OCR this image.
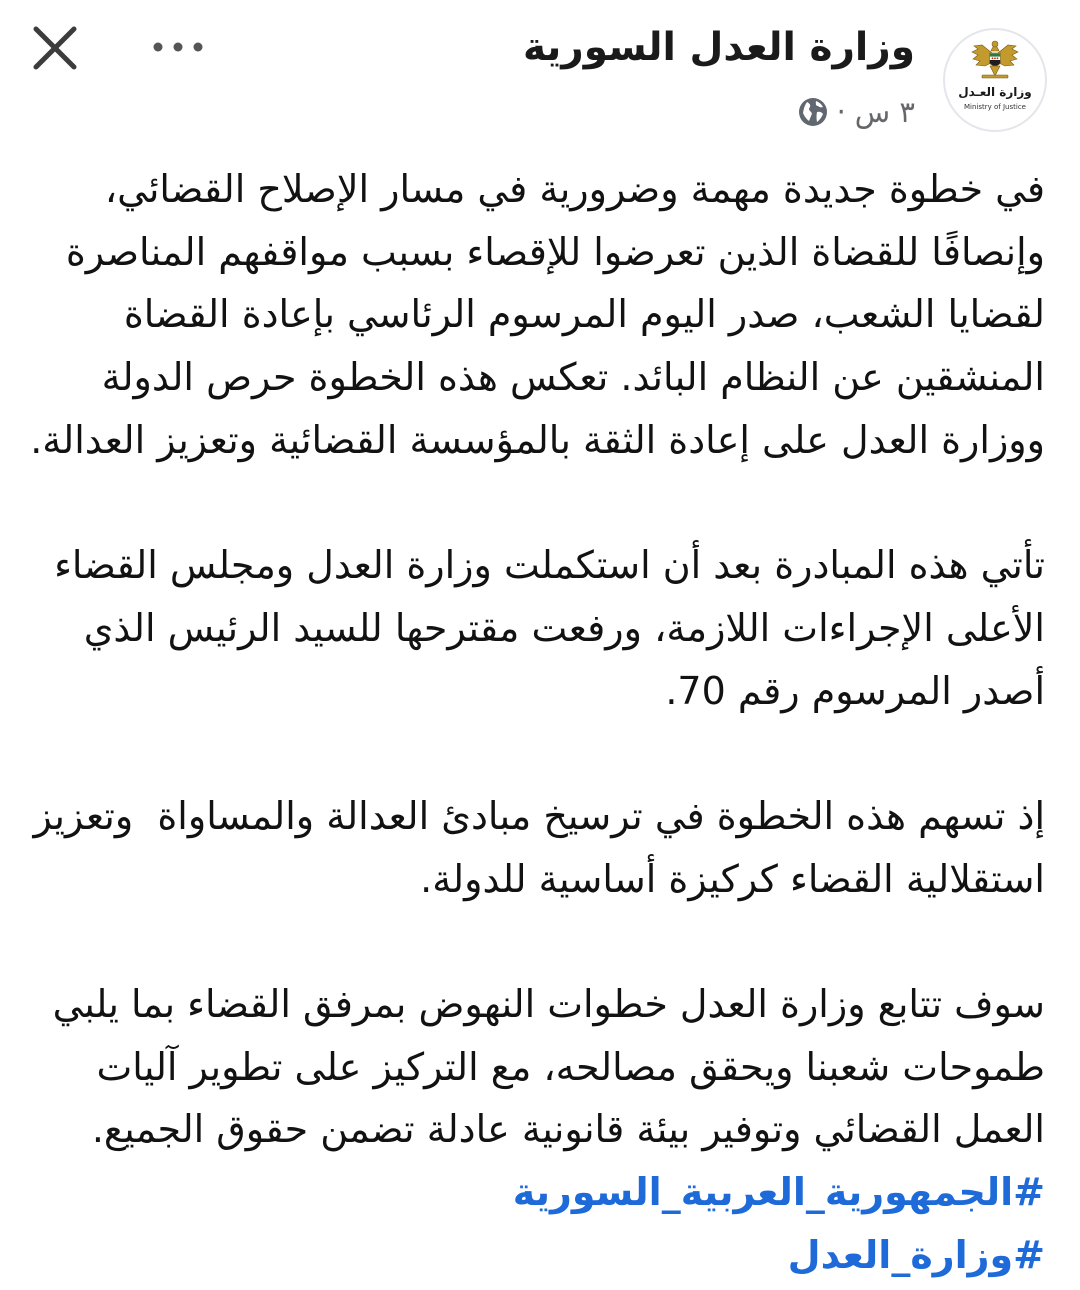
وزارة العـدل
Ministry of Justice
وزارة العدل السورية
٣ س
·
في خطوة جديدة مهمة وضرورية في مسار الإصلاح القضائي،
وإنصافًا للقضاة الذين تعرضوا للإقصاء بسبب مواقفهم المناصرة
لقضايا الشعب، صدر اليوم المرسوم الرئاسي بإعادة القضاة
المنشقين عن النظام البائد. تعكس هذه الخطوة حرص الدولة
ووزارة العدل على إعادة الثقة بالمؤسسة القضائية وتعزيز العدالة.
تأتي هذه المبادرة بعد أن استكملت وزارة العدل ومجلس القضاء
الأعلى الإجراءات اللازمة، ورفعت مقترحها للسيد الرئيس الذي
أصدر المرسوم رقم 70.
إذ تسهم هذه الخطوة في ترسيخ مبادئ العدالة والمساواة  وتعزيز
استقلالية القضاء كركيزة أساسية للدولة.
سوف تتابع وزارة العدل خطوات النهوض بمرفق القضاء بما يلبي
طموحات شعبنا ويحقق مصالحه، مع التركيز على تطوير آليات
العمل القضائي وتوفير بيئة قانونية عادلة تضمن حقوق الجميع.
#الجمهورية_العربية_السورية
#وزارة_العدل
